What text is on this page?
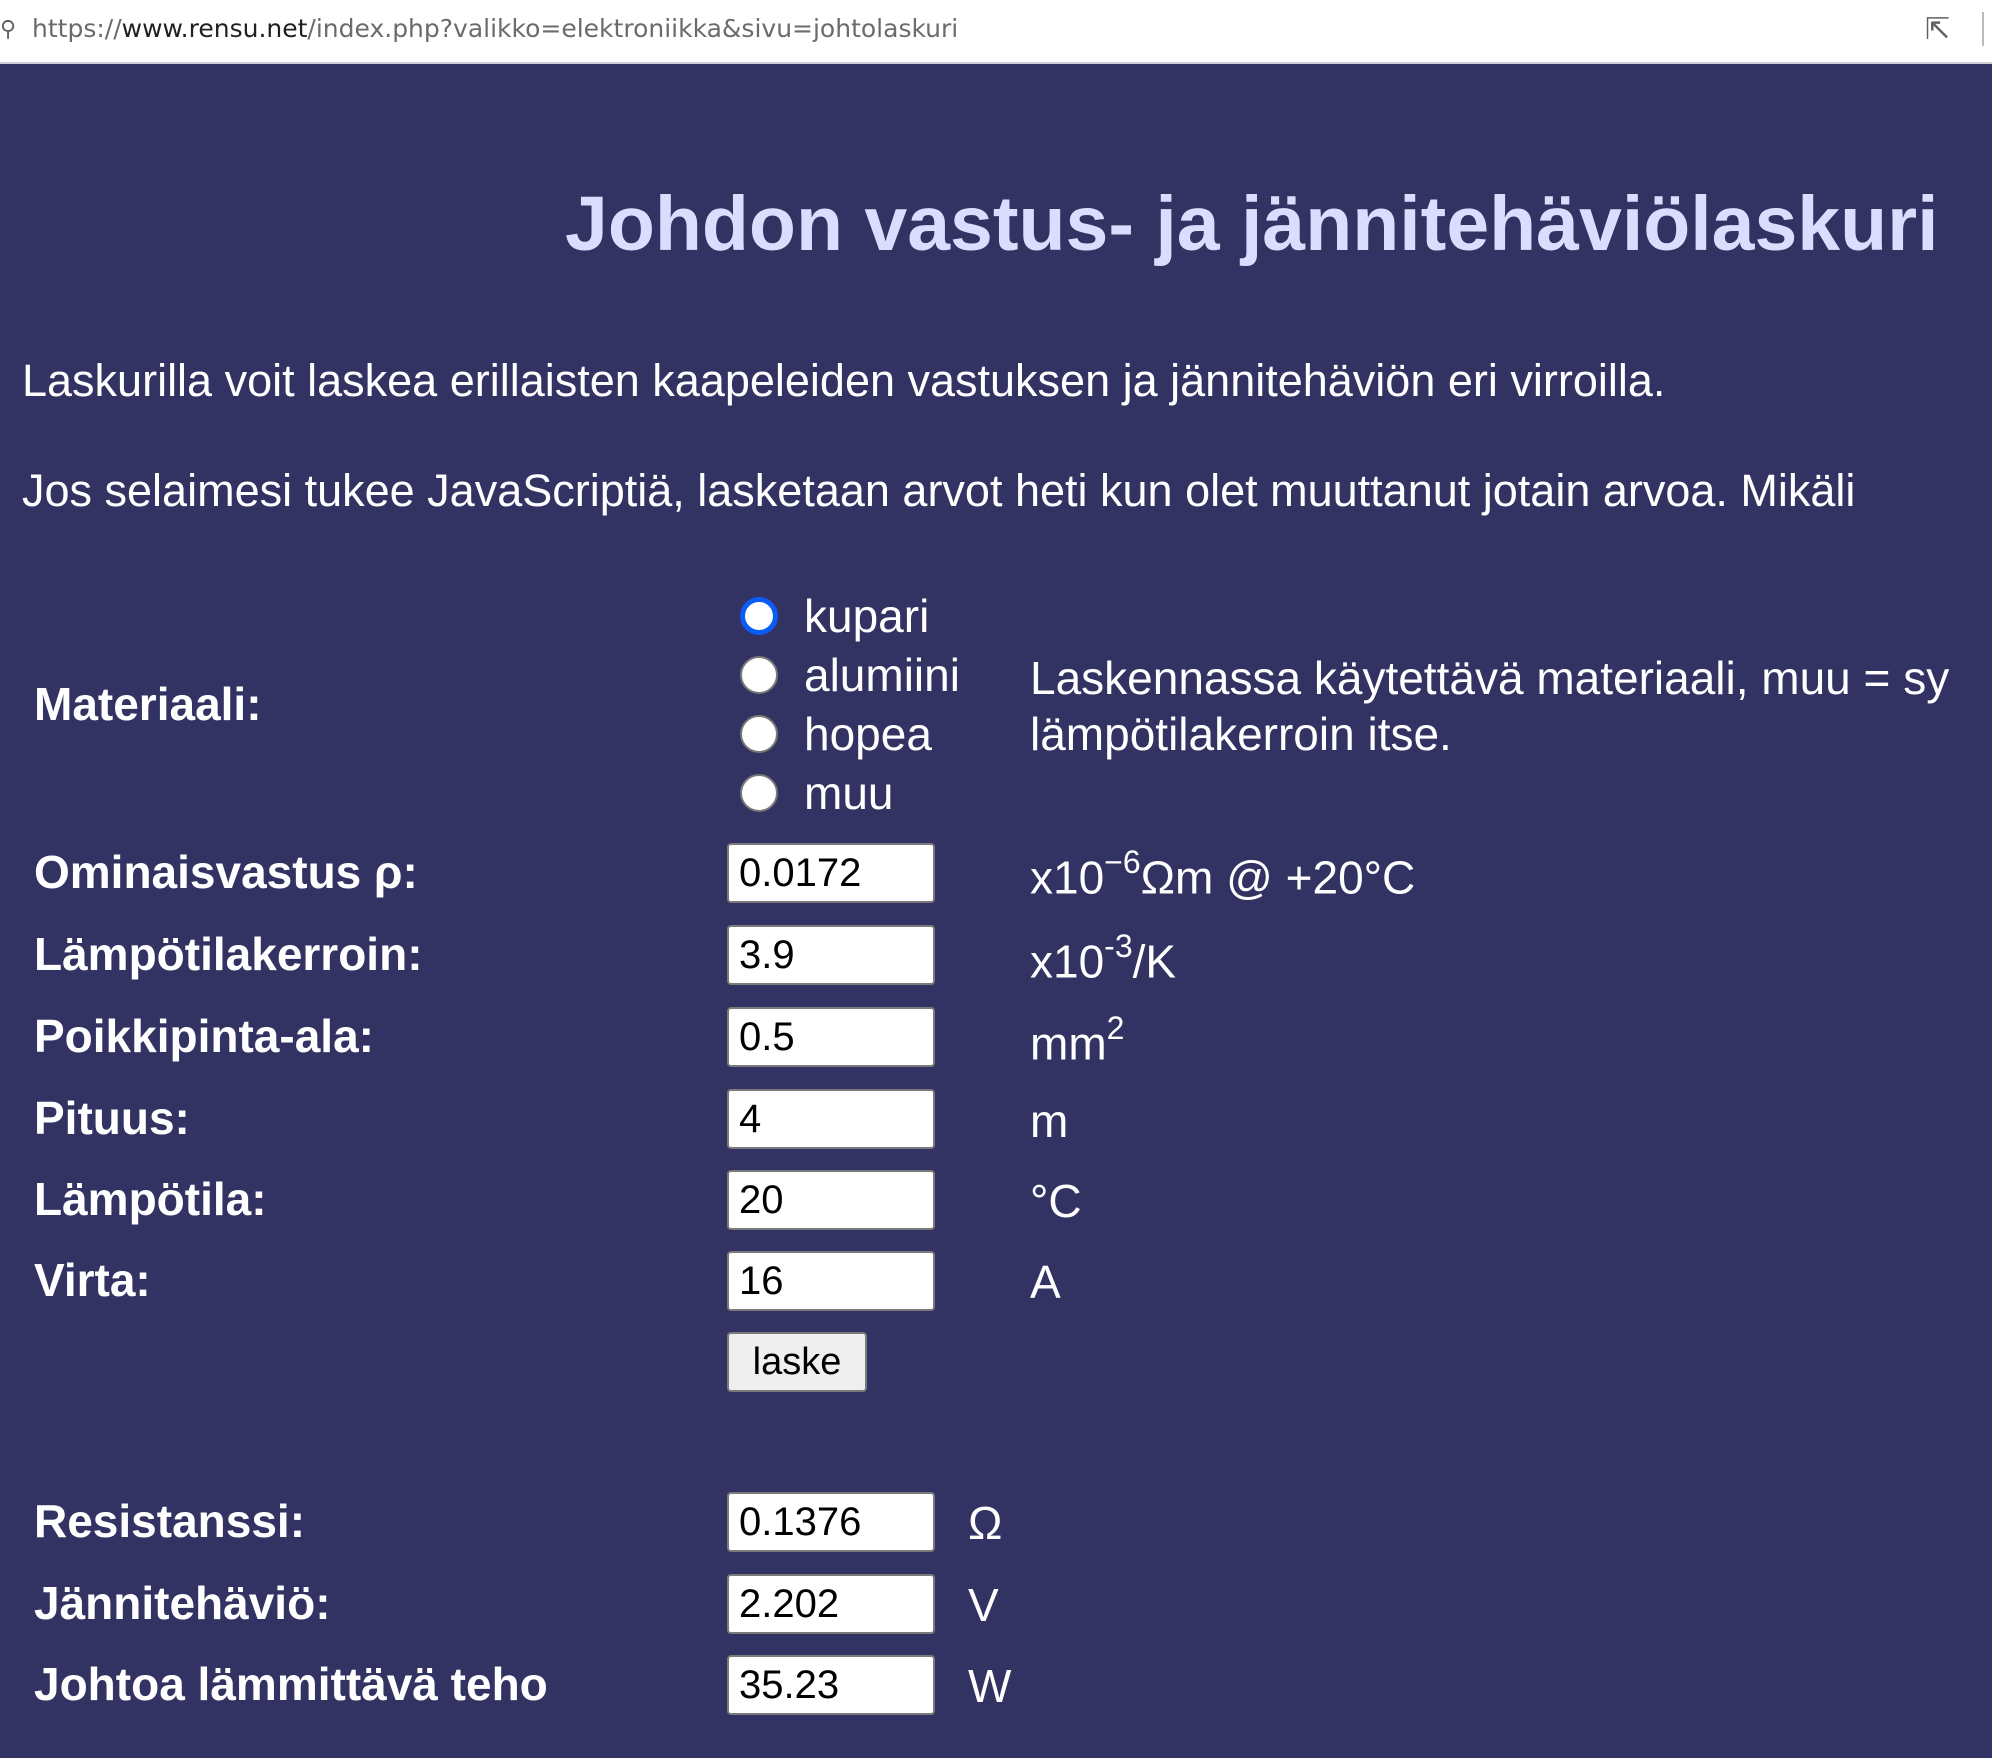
⚲ https://www.rensu.net/index.php?valikko=elektroniikka&sivu=johtolaskuri	⇱
Johdon vastus- ja jännitehäviölaskuri
Laskurilla voit laskea erillaisten kaapeleiden vastuksen ja jännitehäviön eri virroilla.
Jos selaimesi tukee JavaScriptiä, lasketaan arvot heti kun olet muuttanut jotain arvoa. Mikäli
Materiaali:
kupari
alumiini
hopea
muu
Laskennassa käytettävä materiaali, muu = sy
lämpötilakerroin itse.
Ominaisvastus ρ:
0.0172	$x10^{-6}\Omega m$ @ +20°C
Lämpötilakerroin:
3.9	$x10^{-3}/K$
Poikkipinta-ala:
0.5	$mm^2$
Pituus:
4	m
Lämpötila:
20	°C
Virta:
16	A
laske
Resistanssi:
0.1376	Ω
Jännitehäviö:
2.202	V
Johtoa lämmittävä teho
35.23	W
